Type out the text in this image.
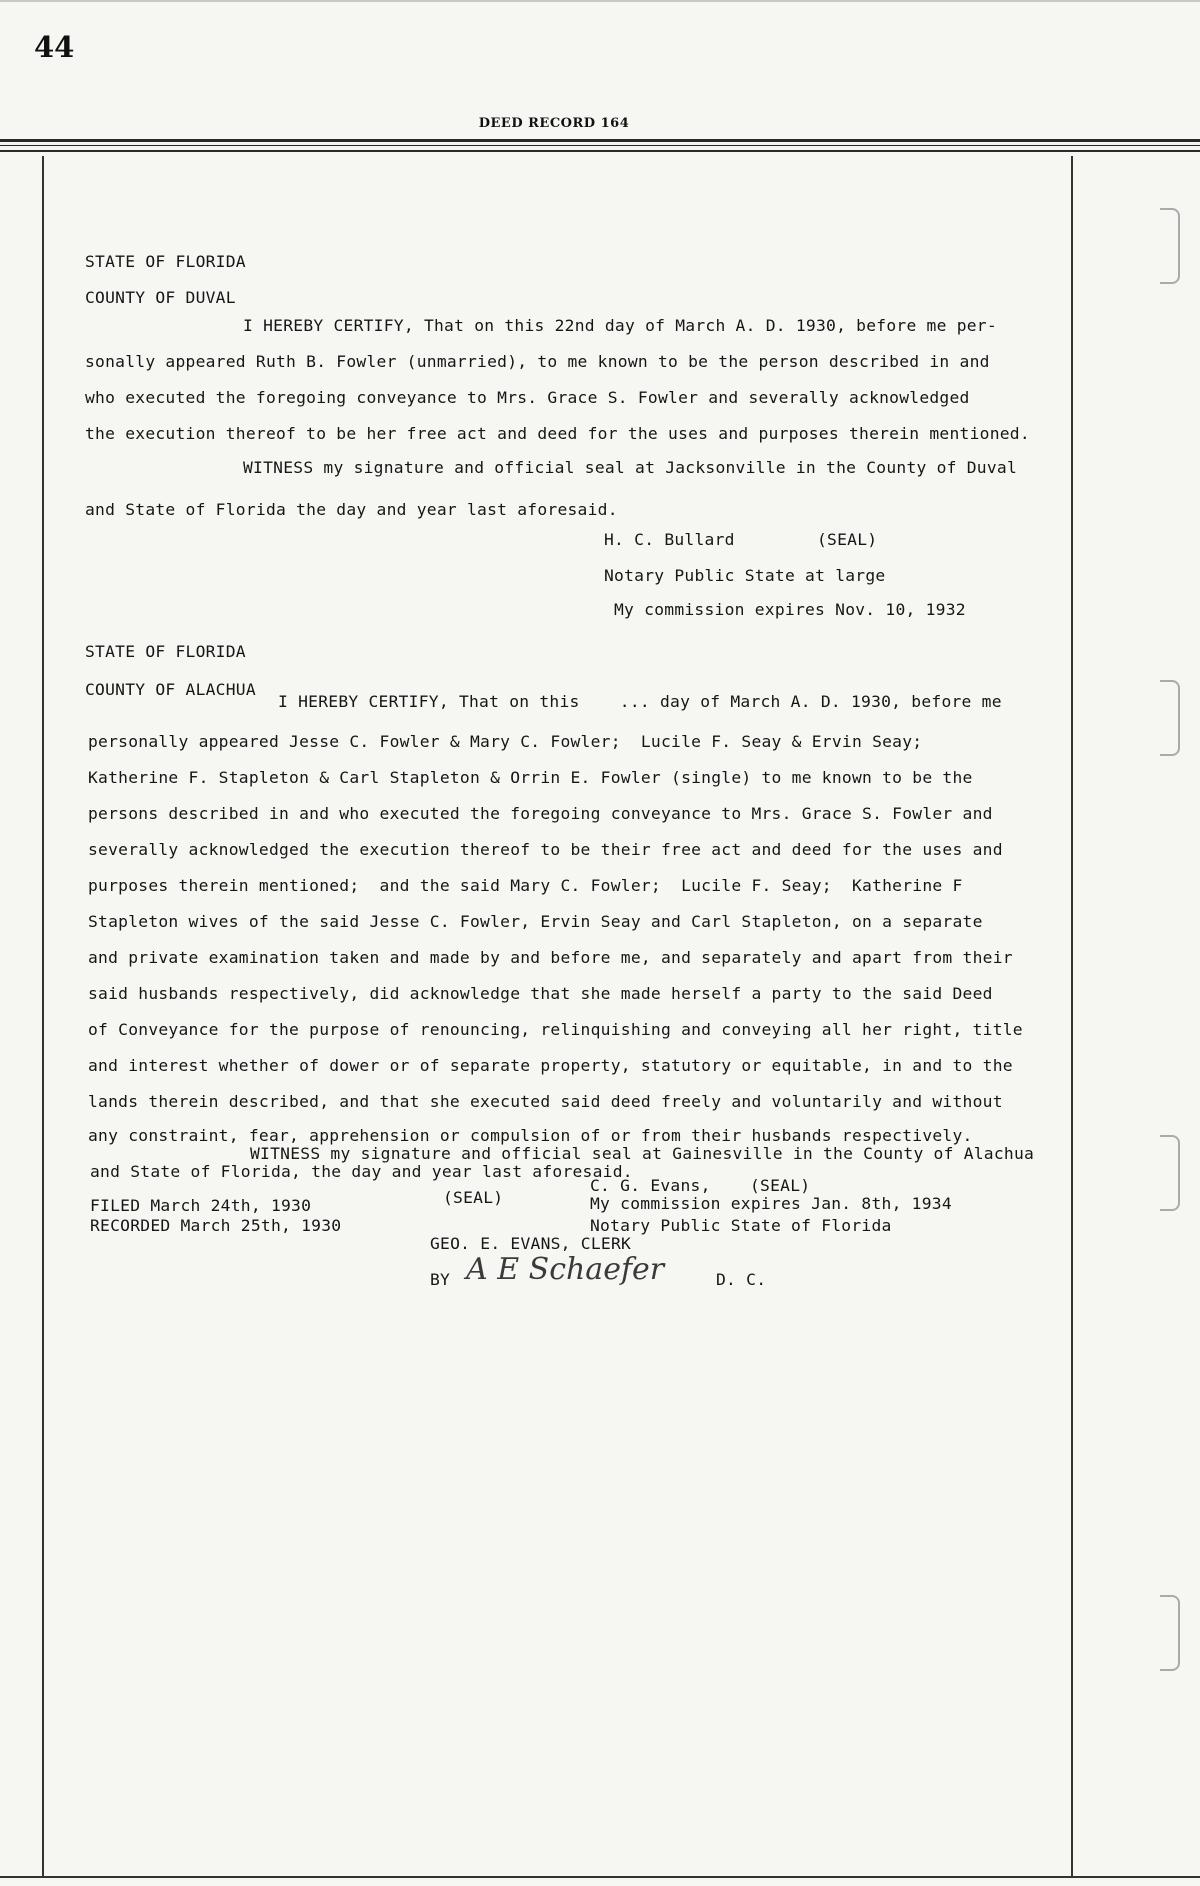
44
DEED RECORD 164
STATE OF FLORIDA
COUNTY OF DUVAL
I HEREBY CERTIFY, That on this 22nd day of March A. D. 1930, before me per-
sonally appeared Ruth B. Fowler (unmarried), to me known to be the person described in and
who executed the foregoing conveyance to Mrs. Grace S. Fowler and severally acknowledged
the execution thereof to be her free act and deed for the uses and purposes therein mentioned.
WITNESS my signature and official seal at Jacksonville in the County of Duval
and State of Florida the day and year last aforesaid.
H. C. Bullard	(SEAL)
Notary Public State at large
My commission expires Nov. 10, 1932
STATE OF FLORIDA
COUNTY OF ALACHUA
I HEREBY CERTIFY, That on this    ... day of March A. D. 1930, before me
personally appeared Jesse C. Fowler & Mary C. Fowler;  Lucile F. Seay & Ervin Seay;
Katherine F. Stapleton & Carl Stapleton & Orrin E. Fowler (single) to me known to be the
persons described in and who executed the foregoing conveyance to Mrs. Grace S. Fowler and
severally acknowledged the execution thereof to be their free act and deed for the uses and
purposes therein mentioned;  and the said Mary C. Fowler;  Lucile F. Seay;  Katherine F
Stapleton wives of the said Jesse C. Fowler, Ervin Seay and Carl Stapleton, on a separate
and private examination taken and made by and before me, and separately and apart from their
said husbands respectively, did acknowledge that she made herself a party to the said Deed
of Conveyance for the purpose of renouncing, relinquishing and conveying all her right, title
and interest whether of dower or of separate property, statutory or equitable, in and to the
lands therein described, and that she executed said deed freely and voluntarily and without
any constraint, fear, apprehension or compulsion of or from their husbands respectively.
WITNESS my signature and official seal at Gainesville in the County of Alachua
and State of Florida, the day and year last aforesaid.
C. G. Evans, (SEAL)
My commission expires Jan. 8th, 1934
Notary Public State of Florida
FILED March 24th, 1930
RECORDED March 25th, 1930
(SEAL)
GEO. E. EVANS, CLERK
BY A E Schaefer	D. C.
